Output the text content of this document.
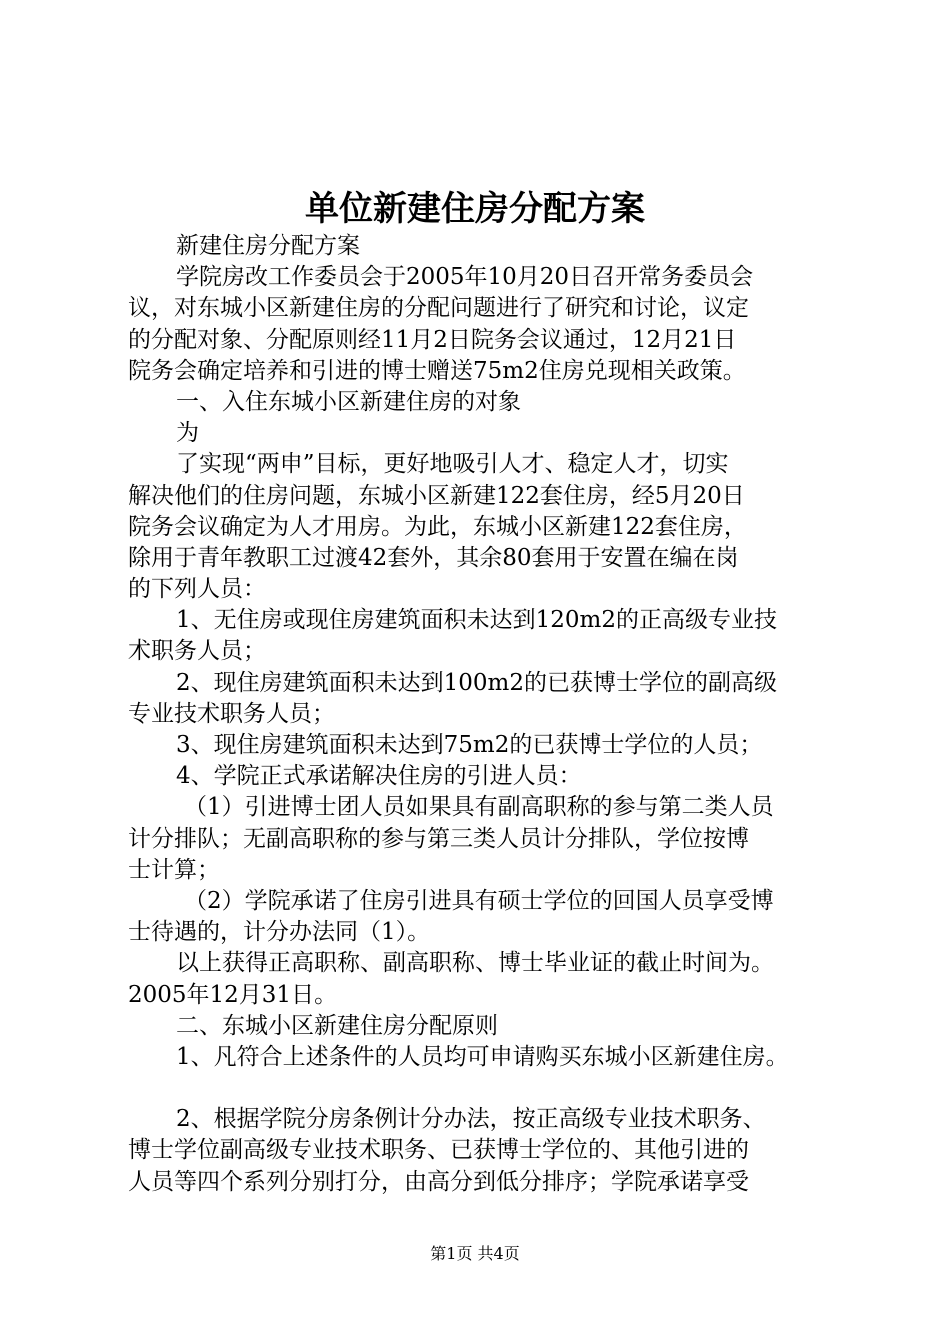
单位新建住房分配方案
新建住房分配方案
学院房改工作委员会于2005年10月20日召开常务委员会
议，对东城小区新建住房的分配问题进行了研究和讨论，议定
的分配对象、分配原则经11月2日院务会议通过，12月21日
院务会确定培养和引进的博士赠送75m2住房兑现相关政策。
一、入住东城小区新建住房的对象
为
了实现“两申”目标，更好地吸引人才、稳定人才，切实
解决他们的住房问题，东城小区新建122套住房，经5月20日
院务会议确定为人才用房。为此，东城小区新建122套住房，
除用于青年教职工过渡42套外，其余80套用于安置在编在岗
的下列人员：
1、无住房或现住房建筑面积未达到120m2的正高级专业技
术职务人员；
2、现住房建筑面积未达到100m2的已获博士学位的副高级
专业技术职务人员；
3、现住房建筑面积未达到75m2的已获博士学位的人员；
4、学院正式承诺解决住房的引进人员：
（1）引进博士团人员如果具有副高职称的参与第二类人员
计分排队；无副高职称的参与第三类人员计分排队，学位按博
士计算；
（2）学院承诺了住房引进具有硕士学位的回国人员享受博
士待遇的，计分办法同（1）。
以上获得正高职称、副高职称、博士毕业证的截止时间为。
2005年12月31日。
二、东城小区新建住房分配原则
1、凡符合上述条件的人员均可申请购买东城小区新建住房。
2、根据学院分房条例计分办法，按正高级专业技术职务、
博士学位副高级专业技术职务、已获博士学位的、其他引进的
人员等四个系列分别打分，由高分到低分排序；学院承诺享受
第1页 共4页
